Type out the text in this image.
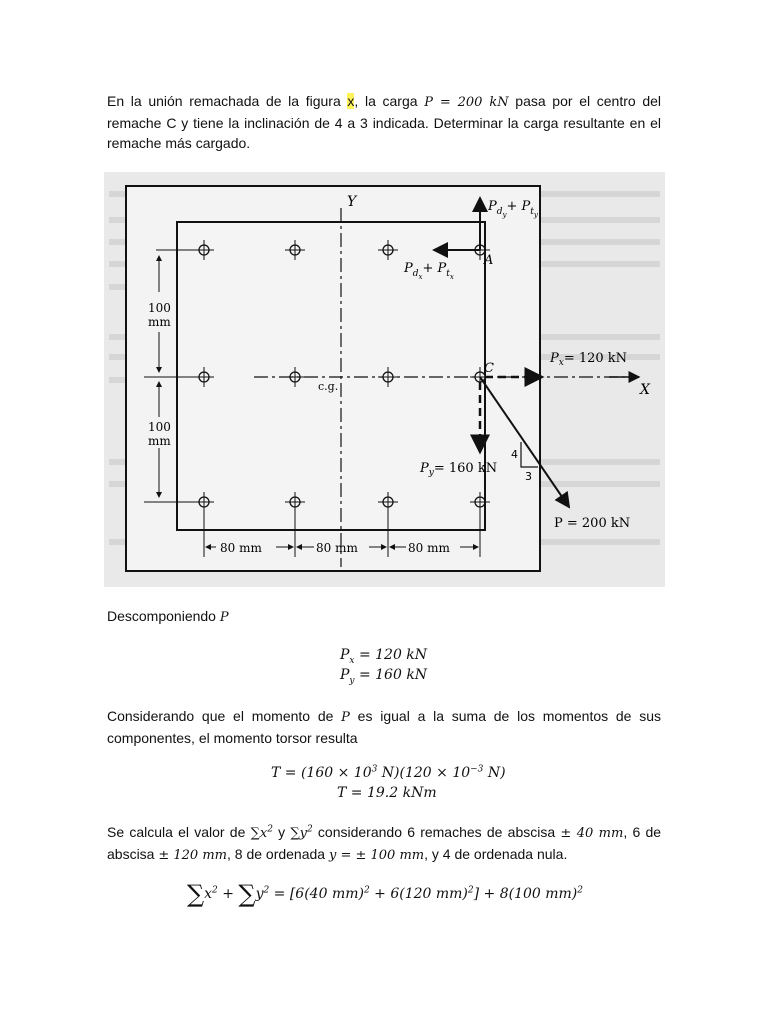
En la unión remachada de la figura x, la carga P = 200 kN pasa por el centro del remache C y tiene la inclinación de 4 a 3 indicada. Determinar la carga resultante en el remache más cargado.

Y
X
A
C
c.g.
$P_{dy}+ P_{ty}$
$P_{dx}+ P_{tx}$
$P_x= 120$ kN
$P_y= 160$ kN
P = 200 kN
4
3
100
mm
100
mm
80 mm	80 mm	80 mm

Descomponiendo P

$P_x = 120$ kN
$P_y = 160$ kN

Considerando que el momento de P es igual a la suma de los momentos de sus componentes, el momento torsor resulta

$T = (160 \times 10^3$ $N)(120 \times 10^{-3}$ N)
T = 19.2 kNm

Se calcula el valor de $\sum x^2$ y $\sum y^2$ considerando 6 remaches de abscisa ± 40 mm, 6 de abscisa ± 120 mm, 8 de ordenada y = ± 100 mm, y 4 de ordenada nula.

$\sum x^2 + \sum y^2 = [6(40$ mm)$^2$ + 6(120 mm)$^2$] + 8(100 mm)$^2$
